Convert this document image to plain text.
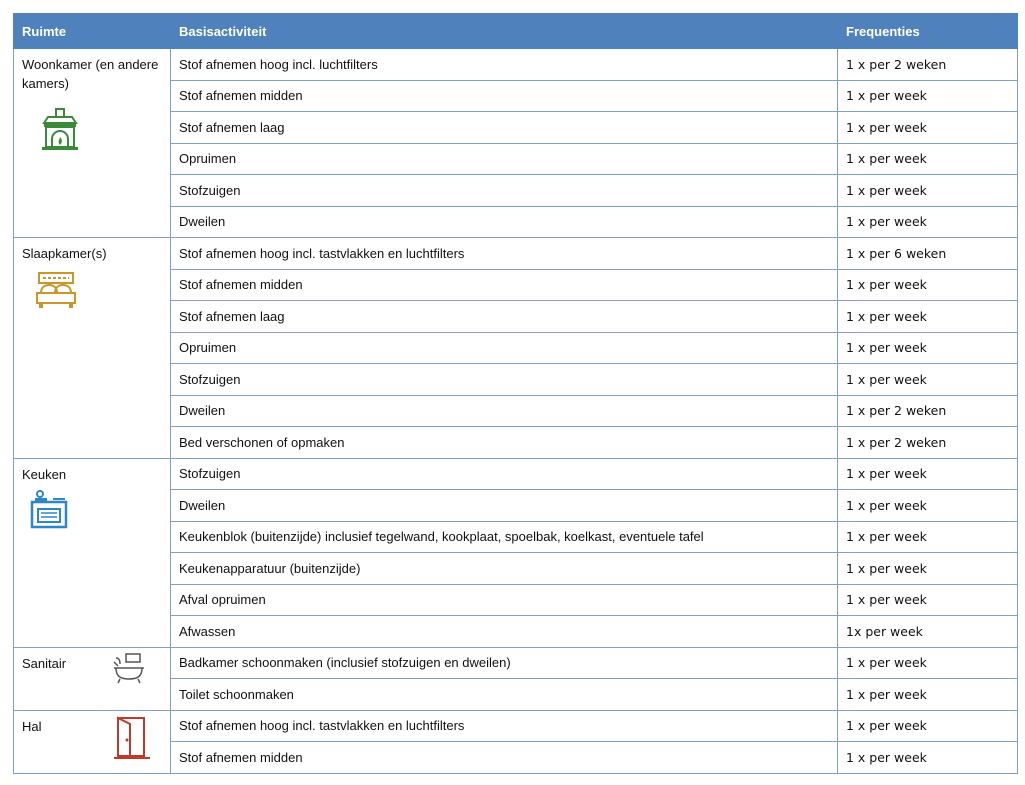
Ruimte	Basisactiviteit	Frequenties
Woonkamer (en andere kamers)	Stof afnemen hoog incl. luchtfilters	1 x per 2 weken
	Stof afnemen midden	1 x per week
	Stof afnemen laag	1 x per week
	Opruimen	1 x per week
	Stofzuigen	1 x per week
	Dweilen	1 x per week
Slaapkamer(s)	Stof afnemen hoog incl. tastvlakken en luchtfilters	1 x per 6 weken
	Stof afnemen midden	1 x per week
	Stof afnemen laag	1 x per week
	Opruimen	1 x per week
	Stofzuigen	1 x per week
	Dweilen	1 x per 2 weken
	Bed verschonen of opmaken	1 x per 2 weken
Keuken	Stofzuigen	1 x per week
	Dweilen	1 x per week
	Keukenblok (buitenzijde) inclusief tegelwand, kookplaat, spoelbak, koelkast, eventuele tafel	1 x per week
	Keukenapparatuur (buitenzijde)	1 x per week
	Afval opruimen	1 x per week
	Afwassen	1x per week
Sanitair	Badkamer schoonmaken (inclusief stofzuigen en dweilen)	1 x per week
	Toilet schoonmaken	1 x per week
Hal	Stof afnemen hoog incl. tastvlakken en luchtfilters	1 x per week
	Stof afnemen midden	1 x per week
